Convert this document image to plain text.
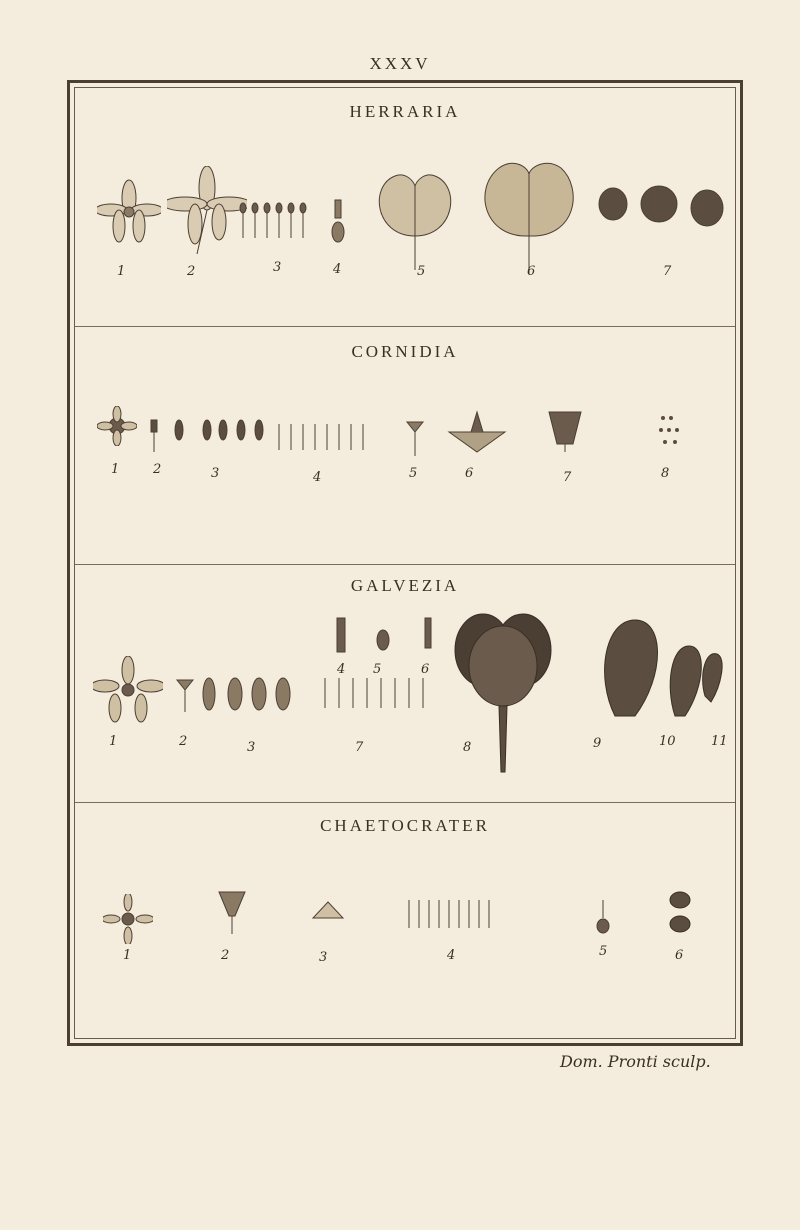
XXXV
HERRARIA
1	2	3	4	5	6	7
CORNIDIA
1	2	3	4	5	6	7	8
GALVEZIA
1	2	3
4 5	6
7	8	9	10	11
CHAETOCRATER
1	2	3	4	5	6
Dom. Pronti sculp.
